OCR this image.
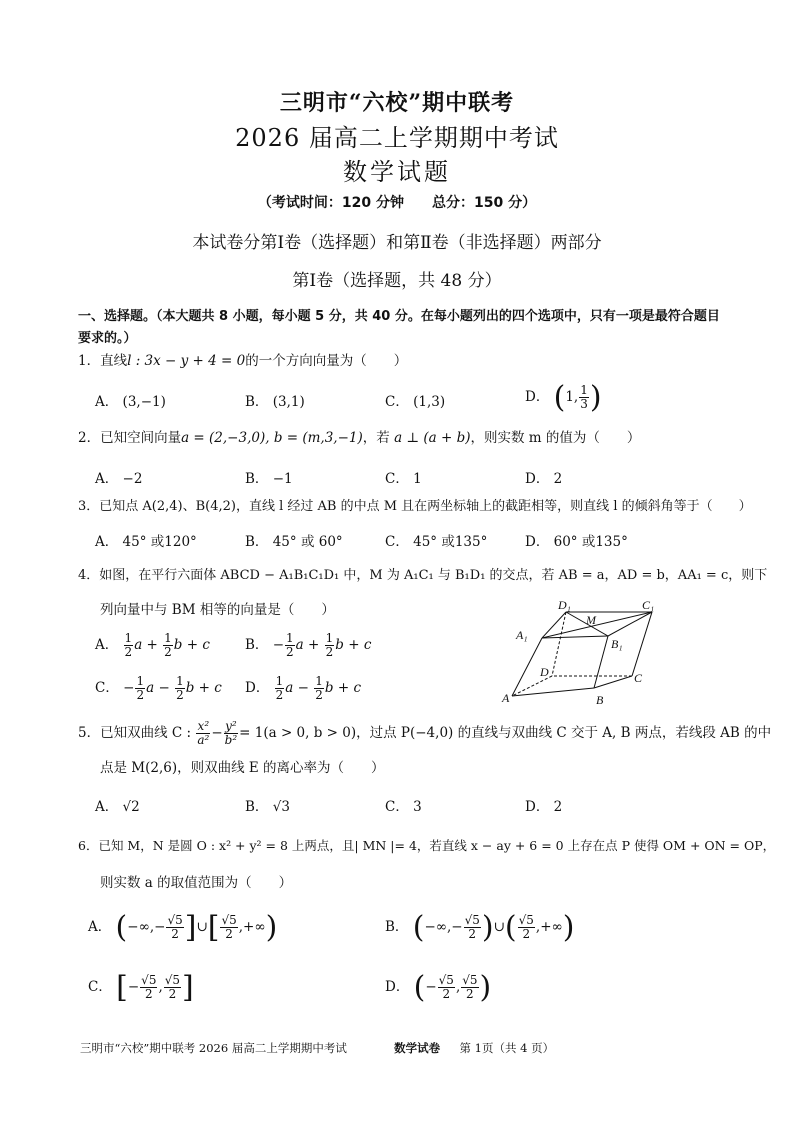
三明市“六校”期中联考
2026 届高二上学期期中考试
数学试题
（考试时间：120 分钟　　总分：150 分）
本试卷分第Ⅰ卷（选择题）和第Ⅱ卷（非选择题）两部分
第Ⅰ卷（选择题，共 48 分）
一、选择题。（本大题共 8 小题，每小题 5 分，共 40 分。在每小题列出的四个选项中，只有一项是最符合题目要求的。）
1．直线l : 3x − y + 4 = 0的一个方向向量为（　　）
A． (3,−1)	B． (3,1)	C． (1,3)	D． (1, $\frac{1}{3}$ )
2．已知空间向量a = (2,−3,0), b = (m,3,−1)，若 a ⊥ (a + b)，则实数 m 的值为（　　）
A． −2	B． −1	C． 1	D． 2
3．已知点 A(2,4)、B(4,2)，直线 l 经过 AB 的中点 M 且在两坐标轴上的截距相等，则直线 l 的倾斜角等于（　　）
A． 45° 或120°	B． 45° 或 60°	C． 45° 或135°	D． 60° 或135°
4．如图，在平行六面体 ABCD − A₁B₁C₁D₁ 中，M 为 A₁C₁ 与 B₁D₁ 的交点，若 AB = a，AD = b，AA₁ = c，则下
列向量中与 BM 相等的向量是（　　）
A． $\frac{1}{2}$ $a + \frac{1}{2}$ b + c	B． − $\frac{1}{2}$ $a + \frac{1}{2}$ b + c
C． − $\frac{1}{2}$ $a - \frac{1}{2}$ b + c D． $\frac{1}{2}$ $a - \frac{1}{2}$ b + c
D₁
M
C₁
A₁
B₁
D	C
A	B
5．已知双曲线 C : $\frac{\text{x²}}{\text{a²}} - \frac{\text{y²}}{\text{b²}} = 1(a > 0$, b > 0)，过点 P(−4,0) 的直线与双曲线 C 交于 A, B 两点，若线段 AB 的中
点是 M(2,6)，则双曲线 E 的离心率为（　　）
A． √2	B． √3	C． 3	D． 2
6．已知 M，N 是圆 O : x² + y² = 8 上两点，且| MN |= 4，若直线 x − ay + 6 = 0 上存在点 P 使得 OM + ON = OP，
则实数 a 的取值范围为（　　）
A． (−∞,− $\frac{√5}{2}$ ]∪[ $\frac{√5}{2}$ ,+∞)	B． (−∞,− $\frac{√5}{2}$ )∪( $\frac{√5}{2}$ ,+∞)
C． [− $\frac{√5}{2}$ , $\frac{√5}{2}$ ]	D． (− $\frac{√5}{2}$ , $\frac{√5}{2}$ )
三明市“六校”期中联考 2026 届高二上学期期中考试	数学试卷 第 1页（共 4 页）
